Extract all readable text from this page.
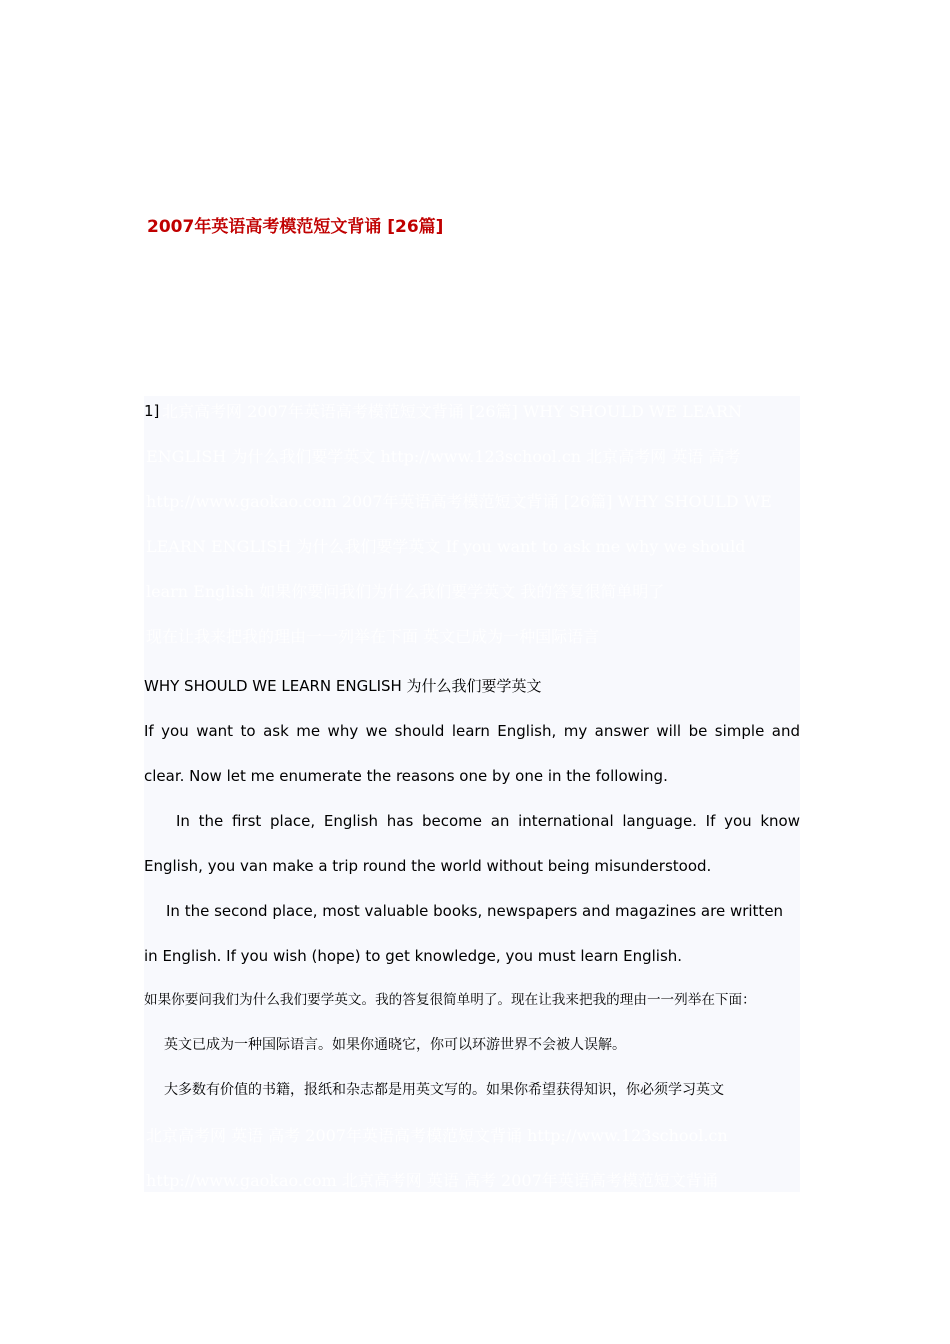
2007年英语高考模范短文背诵 [26篇]
1] 北京高考网 2007年英语高考模范短文背诵 [26篇] WHY SHOULD WE LEARN
ENGLISH 为什么我们要学英文 http://www.123school.cn 北京高考网 英语 高考
http://www.gaokao.com 2007年英语高考模范短文背诵 [26篇] WHY SHOULD WE
LEARN ENGLISH 为什么我们要学英文 If you want to ask me why we should
learn English 如果你要问我们为什么我们要学英文 我的答复很简单明了
现在让我来把我的理由一一列举在下面 英文已成为一种国际语言
WHY SHOULD WE LEARN ENGLISH 为什么我们要学英文
If you want to ask me why we should learn English, my answer will be simple and
clear. Now let me enumerate the reasons one by one in the following.
In the first place, English has become an international language. If you know
English, you van make a trip round the world without being misunderstood.
In the second place, most valuable books, newspapers and magazines are written
in English. If you wish (hope) to get knowledge, you must learn English.
如果你要问我们为什么我们要学英文。我的答复很简单明了。现在让我来把我的理由一一列举在下面：
英文已成为一种国际语言。如果你通晓它，你可以环游世界不会被人误解。
大多数有价值的书籍，报纸和杂志都是用英文写的。如果你希望获得知识，你必须学习英文
北京高考网 英语 高考 2007年英语高考模范短文背诵 http://www.123school.cn
http://www.gaokao.com 北京高考网 英语 高考 2007年英语高考模范短文背诵
